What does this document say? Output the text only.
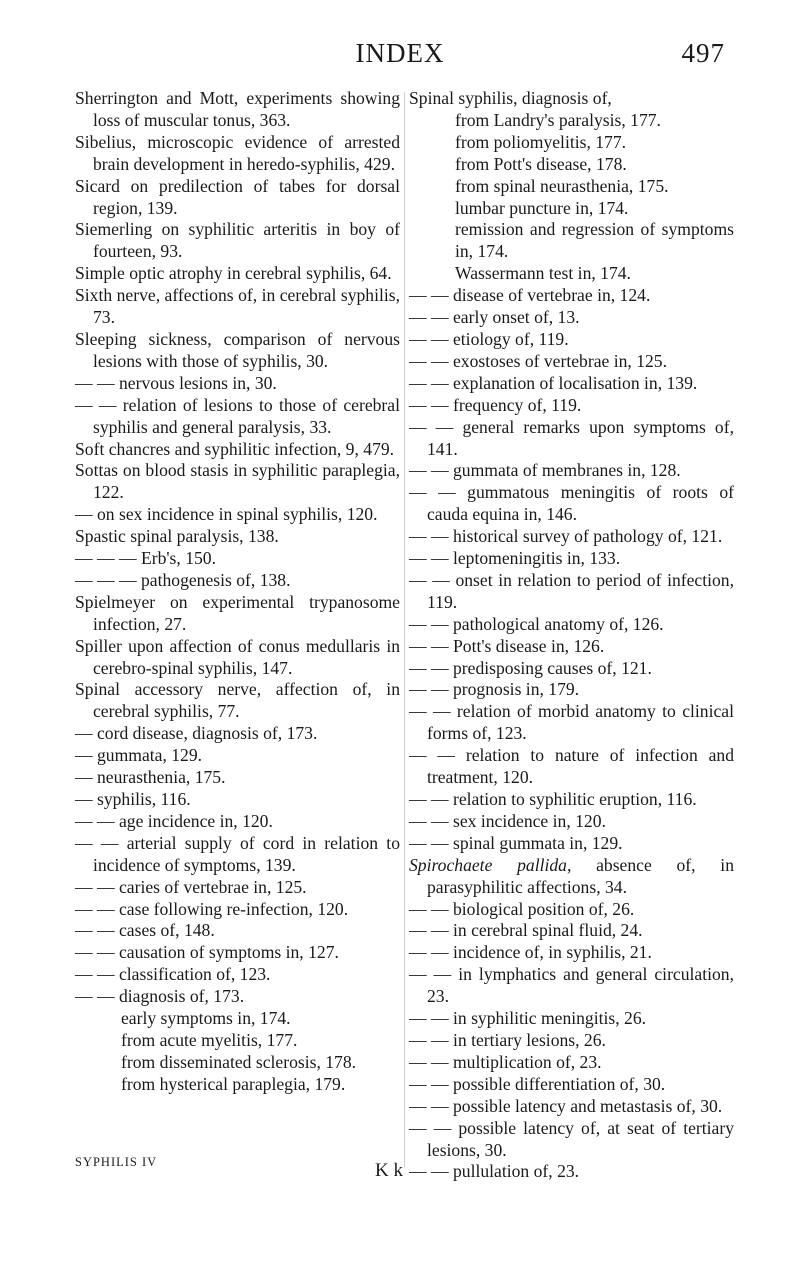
INDEX	497

Sherrington and Mott, experiments showing loss of muscular tonus, 363.

Sibelius, microscopic evidence of arrested brain development in heredo-syphilis, 429.

Sicard on predilection of tabes for dorsal region, 139.

Siemerling on syphilitic arteritis in boy of fourteen, 93.

Simple optic atrophy in cerebral syphilis, 64.

Sixth nerve, affections of, in cerebral syphilis, 73.

Sleeping sickness, comparison of nervous lesions with those of syphilis, 30.

— — nervous lesions in, 30.

— — relation of lesions to those of cerebral syphilis and general paralysis, 33.

Soft chancres and syphilitic infection, 9, 479.

Sottas on blood stasis in syphilitic paraplegia, 122.

— on sex incidence in spinal syphilis, 120.

Spastic spinal paralysis, 138.

— — — Erb's, 150.

— — — pathogenesis of, 138.

Spielmeyer on experimental trypanosome infection, 27.

Spiller upon affection of conus medullaris in cerebro-spinal syphilis, 147.

Spinal accessory nerve, affection of, in cerebral syphilis, 77.

— cord disease, diagnosis of, 173.

— gummata, 129.

— neurasthenia, 175.

— syphilis, 116.

— — age incidence in, 120.

— — arterial supply of cord in relation to incidence of symptoms, 139.

— — caries of vertebrae in, 125.

— — case following re-infection, 120.

— — cases of, 148.

— — causation of symptoms in, 127.

— — classification of, 123.

— — diagnosis of, 173.

early symptoms in, 174.

from acute myelitis, 177.

from disseminated sclerosis, 178.

from hysterical paraplegia, 179.

Spinal syphilis, diagnosis of,

from Landry's paralysis, 177.

from poliomyelitis, 177.

from Pott's disease, 178.

from spinal neurasthenia, 175.

lumbar puncture in, 174.

remission and regression of symptoms in, 174.

Wassermann test in, 174.

— — disease of vertebrae in, 124.

— — early onset of, 13.

— — etiology of, 119.

— — exostoses of vertebrae in, 125.

— — explanation of localisation in, 139.

— — frequency of, 119.

— — general remarks upon symptoms of, 141.

— — gummata of membranes in, 128.

— — gummatous meningitis of roots of cauda equina in, 146.

— — historical survey of pathology of, 121.

— — leptomeningitis in, 133.

— — onset in relation to period of infection, 119.

— — pathological anatomy of, 126.

— — Pott's disease in, 126.

— — predisposing causes of, 121.

— — prognosis in, 179.

— — relation of morbid anatomy to clinical forms of, 123.

— — relation to nature of infection and treatment, 120.

— — relation to syphilitic eruption, 116.

— — sex incidence in, 120.

— — spinal gummata in, 129.

Spirochaete pallida, absence of, in parasyphilitic affections, 34.

— — biological position of, 26.

— — in cerebral spinal fluid, 24.

— — incidence of, in syphilis, 21.

— — in lymphatics and general circulation, 23.

— — in syphilitic meningitis, 26.

— — in tertiary lesions, 26.

— — multiplication of, 23.

— — possible differentiation of, 30.

— — possible latency and metastasis of, 30.

— — possible latency of, at seat of tertiary lesions, 30.

— — pullulation of, 23.

SYPHILIS IV	K k
